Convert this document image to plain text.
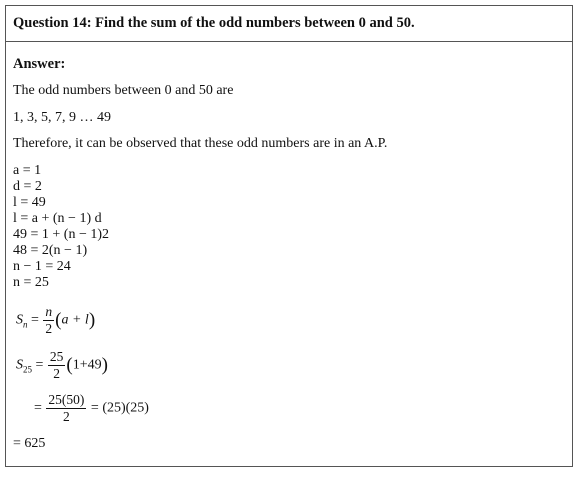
Question 14: Find the sum of the odd numbers between 0 and 50.
Answer:
The odd numbers between 0 and 50 are
1, 3, 5, 7, 9 … 49
Therefore, it can be observed that these odd numbers are in an A.P.
a = 1
d = 2
l = 49
l = a + (n − 1) d
49 = 1 + (n − 1)2
48 = 2(n − 1)
n − 1 = 24
n = 25
$S_n = \frac{n}{2} (a + l)$
$S_{25} = \frac{25}{2} (1+49)$
= $\frac{25(50)}{2} = (25)(25)$
= 625
